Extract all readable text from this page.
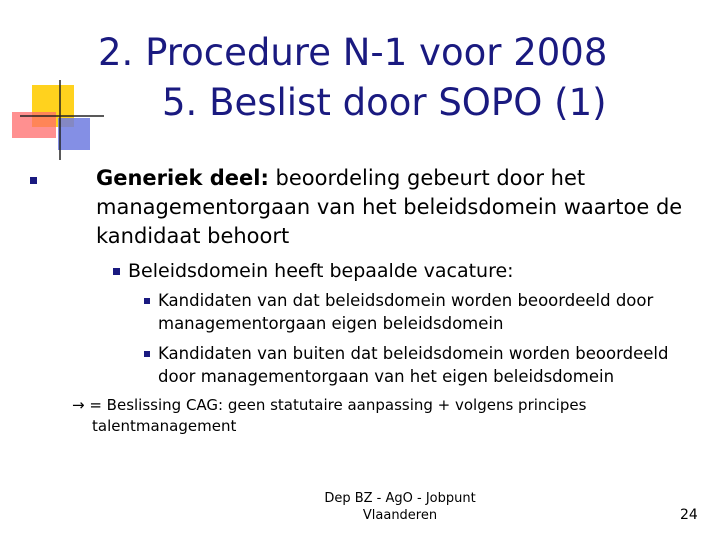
2. Procedure N-1 voor 2008
5. Beslist door SOPO (1)
Generiek deel: beoordeling gebeurt door het
managementorgaan van het beleidsdomein waartoe de
kandidaat behoort
Beleidsdomein heeft bepaalde vacature:
Kandidaten van dat beleidsdomein worden beoordeeld door
managementorgaan eigen beleidsdomein
Kandidaten van buiten dat beleidsdomein worden beoordeeld
door managementorgaan van het eigen beleidsdomein
→ = Beslissing CAG: geen statutaire aanpassing + volgens principes
talentmanagement
Dep BZ - AgO - Jobpunt
Vlaanderen	24
